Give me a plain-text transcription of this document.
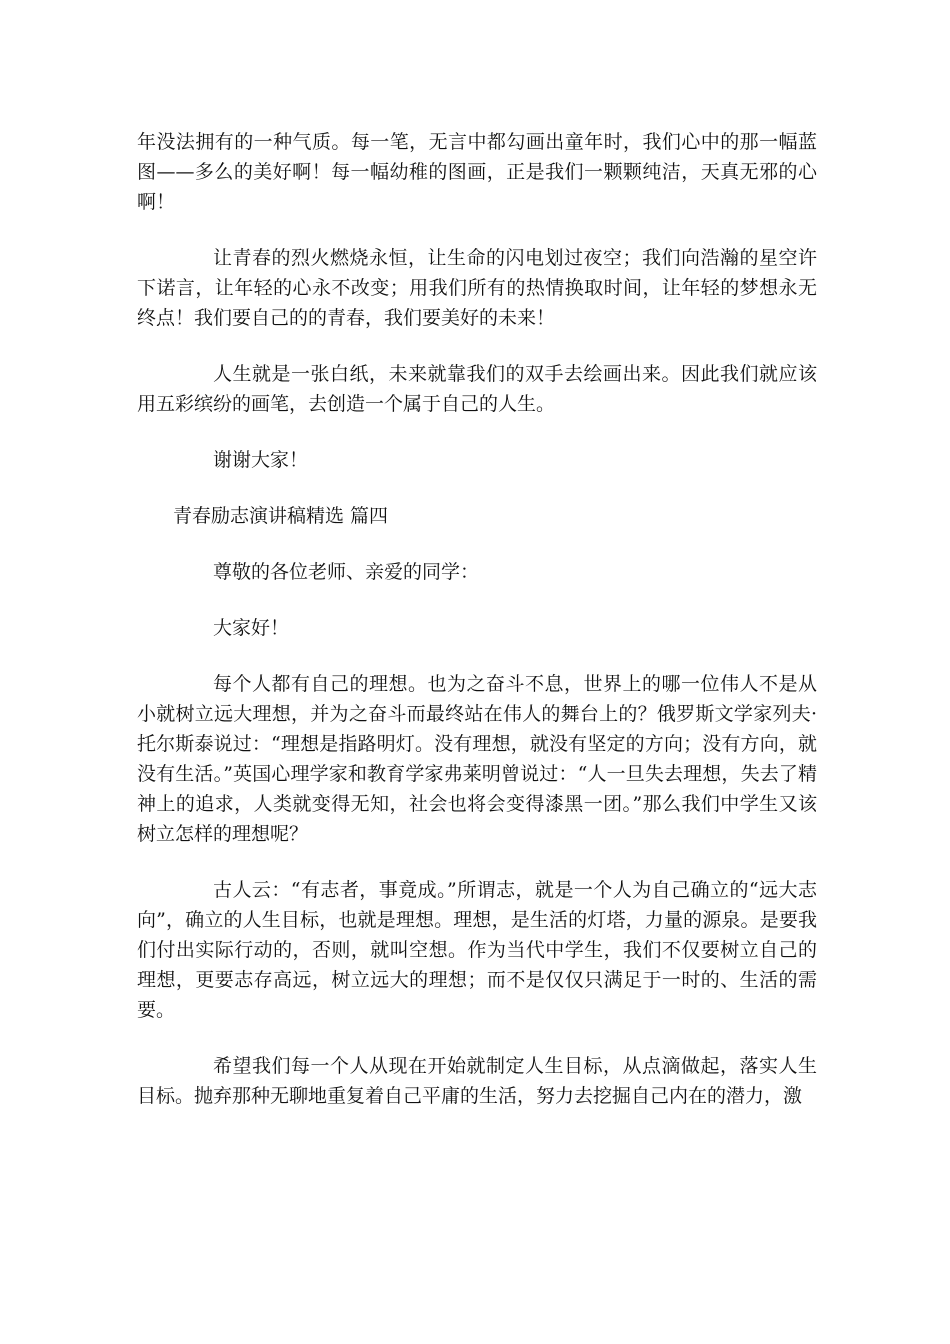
年没法拥有的一种气质。每一笔，无言中都勾画出童年时，我们心中的那一幅蓝图——多么的美好啊！每一幅幼稚的图画，正是我们一颗颗纯洁，天真无邪的心啊！

让青春的烈火燃烧永恒，让生命的闪电划过夜空；我们向浩瀚的星空许下诺言，让年轻的心永不改变；用我们所有的热情换取时间，让年轻的梦想永无终点！我们要自己的的青春，我们要美好的未来！

人生就是一张白纸，未来就靠我们的双手去绘画出来。因此我们就应该用五彩缤纷的画笔，去创造一个属于自己的人生。

谢谢大家！

青春励志演讲稿精选 篇四

尊敬的各位老师、亲爱的同学：

大家好！

每个人都有自己的理想。也为之奋斗不息，世界上的哪一位伟人不是从小就树立远大理想，并为之奋斗而最终站在伟人的舞台上的？俄罗斯文学家列夫·托尔斯泰说过：“理想是指路明灯。没有理想，就没有坚定的方向；没有方向，就没有生活。”英国心理学家和教育学家弗莱明曾说过：“人一旦失去理想，失去了精神上的追求，人类就变得无知，社会也将会变得漆黑一团。”那么我们中学生又该树立怎样的理想呢？

古人云：“有志者，事竟成。”所谓志，就是一个人为自己确立的“远大志向”，确立的人生目标，也就是理想。理想，是生活的灯塔，力量的源泉。是要我们付出实际行动的，否则，就叫空想。作为当代中学生，我们不仅要树立自己的理想，更要志存高远，树立远大的理想；而不是仅仅只满足于一时的、生活的需要。

希望我们每一个人从现在开始就制定人生目标，从点滴做起，落实人生目标。抛弃那种无聊地重复着自己平庸的生活，努力去挖掘自己内在的潜力，激
